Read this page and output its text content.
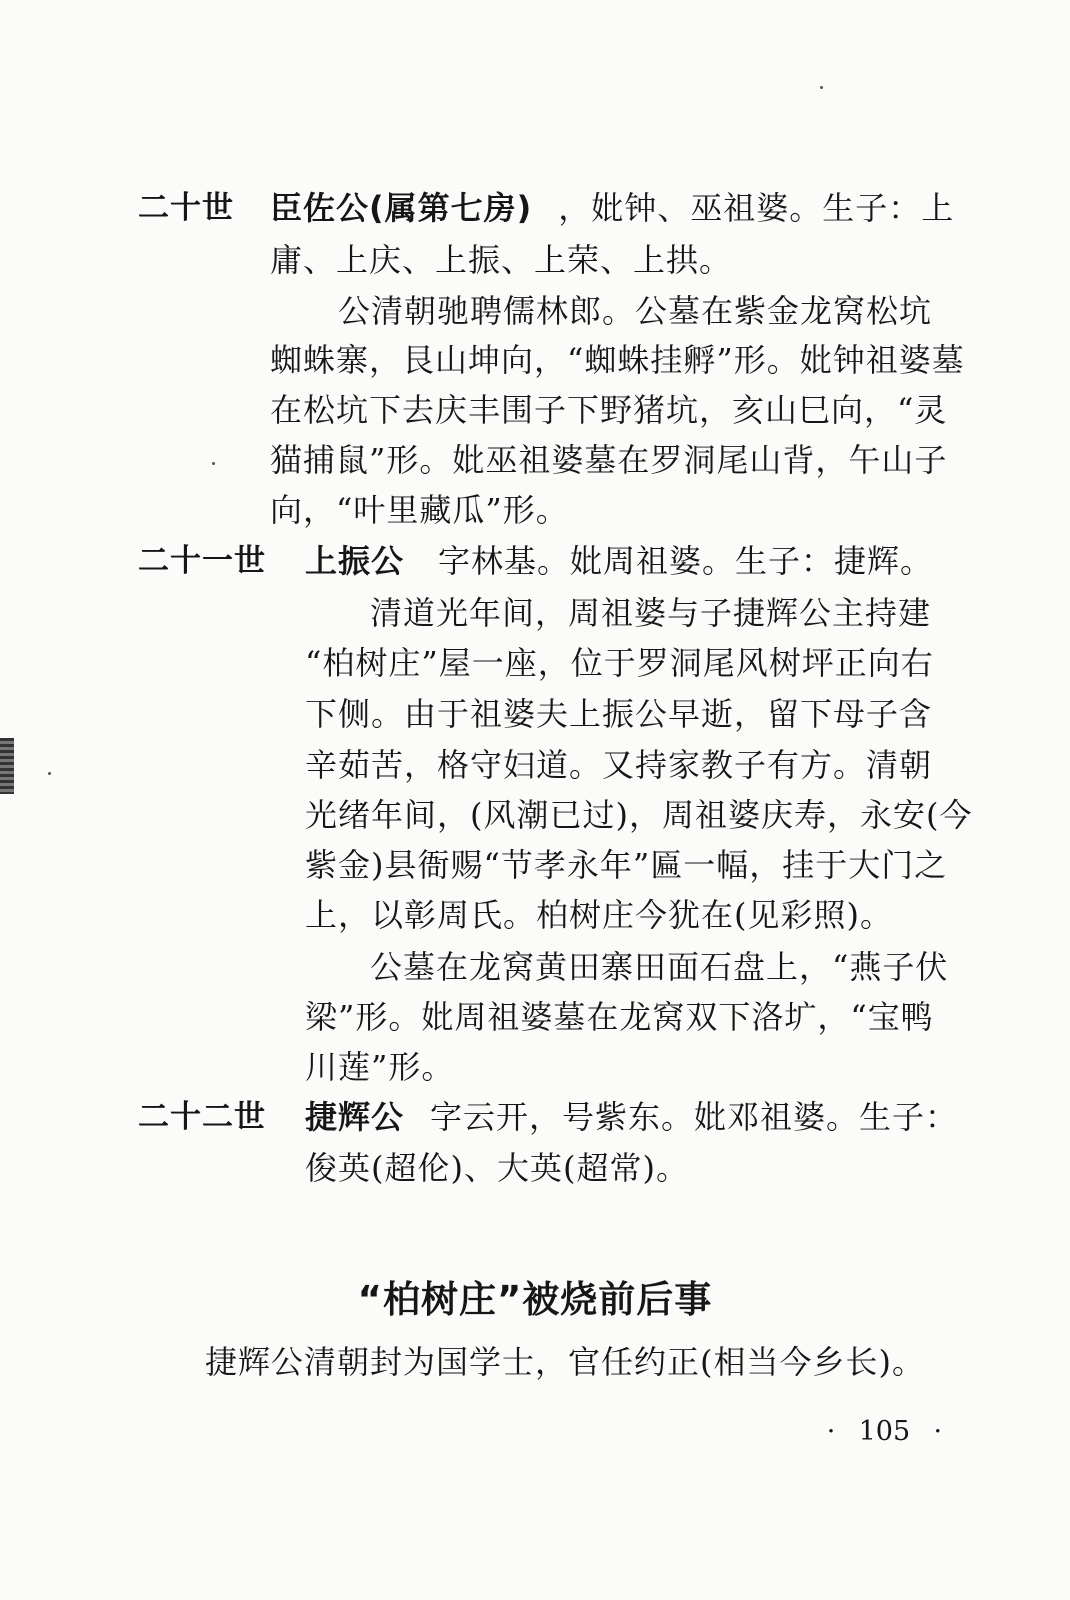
二十世 臣佐公(属第七房) ，妣钟、巫祖婆。生子：上
庸、上庆、上振、上荣、上拱。
公清朝驰聘儒林郎。公墓在紫金龙窝松坑
蜘蛛寨，艮山坤向，“蜘蛛挂孵”形。妣钟祖婆墓
在松坑下去庆丰围子下野猪坑，亥山巳向，“灵
猫捕鼠”形。妣巫祖婆墓在罗洞尾山背，午山子
向，“叶里藏瓜”形。
二十一世 上振公 字林基。妣周祖婆。生子：捷辉。
清道光年间，周祖婆与子捷辉公主持建
“柏树庄”屋一座，位于罗洞尾风树坪正向右
下侧。由于祖婆夫上振公早逝，留下母子含
辛茹苦，格守妇道。又持家教子有方。清朝
光绪年间，(风潮已过)，周祖婆庆寿，永安(今
紫金)县衙赐“节孝永年”匾一幅，挂于大门之
上，以彰周氏。柏树庄今犹在(见彩照)。
公墓在龙窝黄田寨田面石盘上，“燕子伏
梁”形。妣周祖婆墓在龙窝双下洛圹，“宝鸭
川莲”形。
二十二世 捷辉公 字云开，号紫东。妣邓祖婆。生子：
俊英(超伦)、大英(超常)。
“柏树庄”被烧前后事
捷辉公清朝封为国学士，官任约正(相当今乡长)。
· 105 ·
